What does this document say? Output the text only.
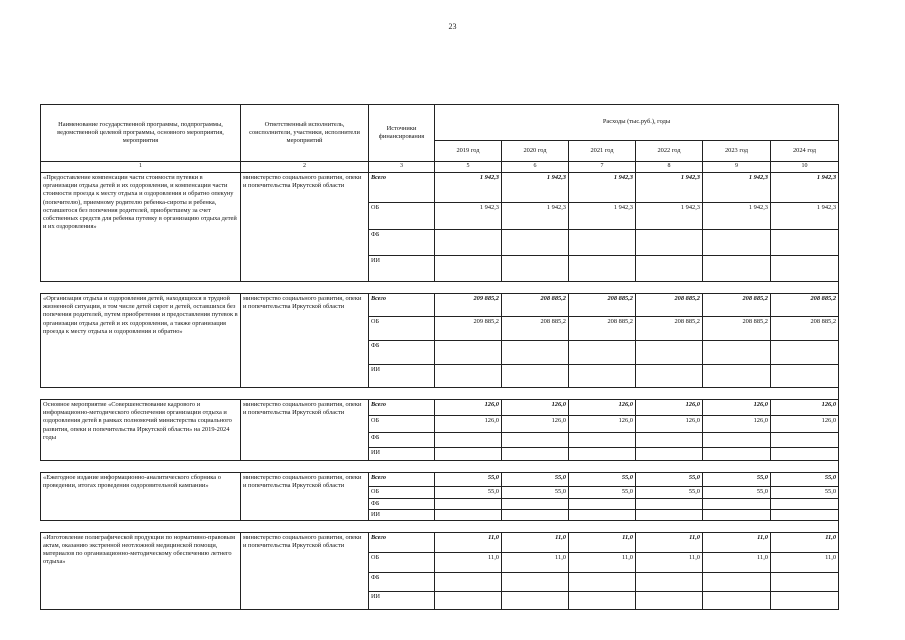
23
Наименование государственной программы, подпрограммы, ведомственной целевой программы, основного мероприятия, мероприятия	Ответственный исполнитель, соисполнители, участники, исполнители мероприятий	Источники финансирования	Расходы (тыс.руб.), годы					
			2019 год	2020 год	2021 год	2022 год	2023 год	2024 год
1	2	3	5	6	7	8	9	10
«Предоставление компенсации части стоимости путевки в организации отдыха детей и их оздоровления, и компенсации части стоимости проезда к месту отдыха и оздоровления и обратно опекуну (попечителю), приемному родителю ребенка-сироты и ребенка, оставшегося без попечения родителей, приобретшему за счет собственных средств для ребенка путевку в организацию отдыха детей и их оздоровления»	министерство социального развития, опеки и попечительства Иркутской области	Всего	1 942,3	1 942,3	1 942,3	1 942,3	1 942,3	1 942,3
		ОБ	1 942,3	1 942,3	1 942,3	1 942,3	1 942,3	1 942,3
		ФБ						
		ИИ						

«Организация отдыха и оздоровления детей, находящихся в трудной жизненной ситуации, в том числе детей сирот и детей, оставшихся без попечения родителей, путем приобретения и предоставления путевок в организации отдыха детей и их оздоровления, а также организация проезда к месту отдыха и оздоровления и обратно»	министерство социального развития, опеки и попечительства Иркутской области	Всего	209 885,2	208 885,2	208 885,2	208 885,2	208 885,2	208 885,2
		ОБ	209 885,2	208 885,2	208 885,2	208 885,2	208 885,2	208 885,2
		ФБ						
		ИИ						

Основное мероприятие «Совершенствование кадрового и информационно-методического обеспечения организации отдыха и оздоровления детей в рамках полномочий министерства социального развития, опеки и попечительства Иркутской области» на 2019-2024 годы	министерство социального развития, опеки и попечительства Иркутской области	Всего	126,0	126,0	126,0	126,0	126,0	126,0
		ОБ	126,0	126,0	126,0	126,0	126,0	126,0
		ФБ						
		ИИ						

«Ежегодное издание информационно-аналитического сборника о проведении, итогах проведения оздоровительной кампании»	министерство социального развития, опеки и попечительства Иркутской области	Всего	55,0	55,0	55,0	55,0	55,0	55,0
		ОБ	55,0	55,0	55,0	55,0	55,0	55,0
		ФБ						
		ИИ						

«Изготовление полиграфической продукции по нормативно-правовым актам, оказанию экстренной неотложной медицинской помощи, материалов по организационно-методическому обеспечению летнего отдыха»	министерство социального развития, опеки и попечительства Иркутской области	Всего	11,0	11,0	11,0	11,0	11,0	11,0
		ОБ	11,0	11,0	11,0	11,0	11,0	11,0
		ФБ						
		ИИ						
